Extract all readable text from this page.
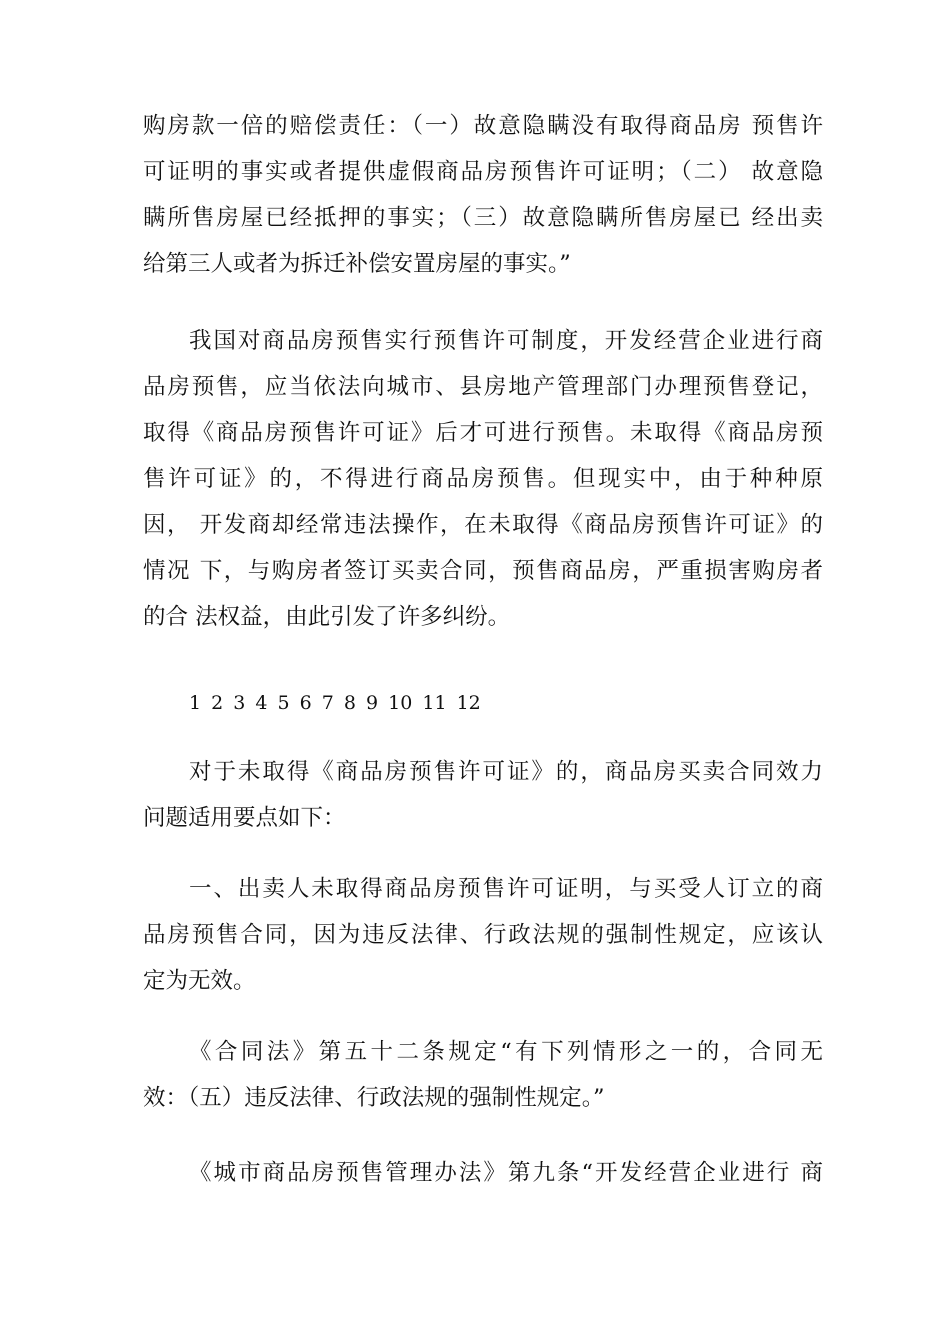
购房款一倍的赔偿责任：（一）故意隐瞒没有取得商品房 预售许
可证明的事实或者提供虚假商品房预售许可证明；（二） 故意隐
瞒所售房屋已经抵押的事实；（三）故意隐瞒所售房屋已 经出卖
给第三人或者为拆迁补偿安置房屋的事实。”
我国对商品房预售实行预售许可制度，开发经营企业进行商
品房预售，应当依法向城市、县房地产管理部门办理预售登记，
取得《商品房预售许可证》后才可进行预售。未取得《商品房预
售许可证》的，不得进行商品房预售。但现实中，由于种种原
因， 开发商却经常违法操作，在未取得《商品房预售许可证》的
情况 下，与购房者签订买卖合同，预售商品房，严重损害购房者
的合 法权益，由此引发了许多纠纷。
1 2 3 4 5 6 7 8 9 10 11 12
对于未取得《商品房预售许可证》的，商品房买卖合同效力
问题适用要点如下：
一、出卖人未取得商品房预售许可证明，与买受人订立的商
品房预售合同，因为违反法律、行政法规的强制性规定，应该认
定为无效。
《合同法》第五十二条规定“有下列情形之一的，合同无
效：（五）违反法律、行政法规的强制性规定。”
《城市商品房预售管理办法》第九条“开发经营企业进行 商
